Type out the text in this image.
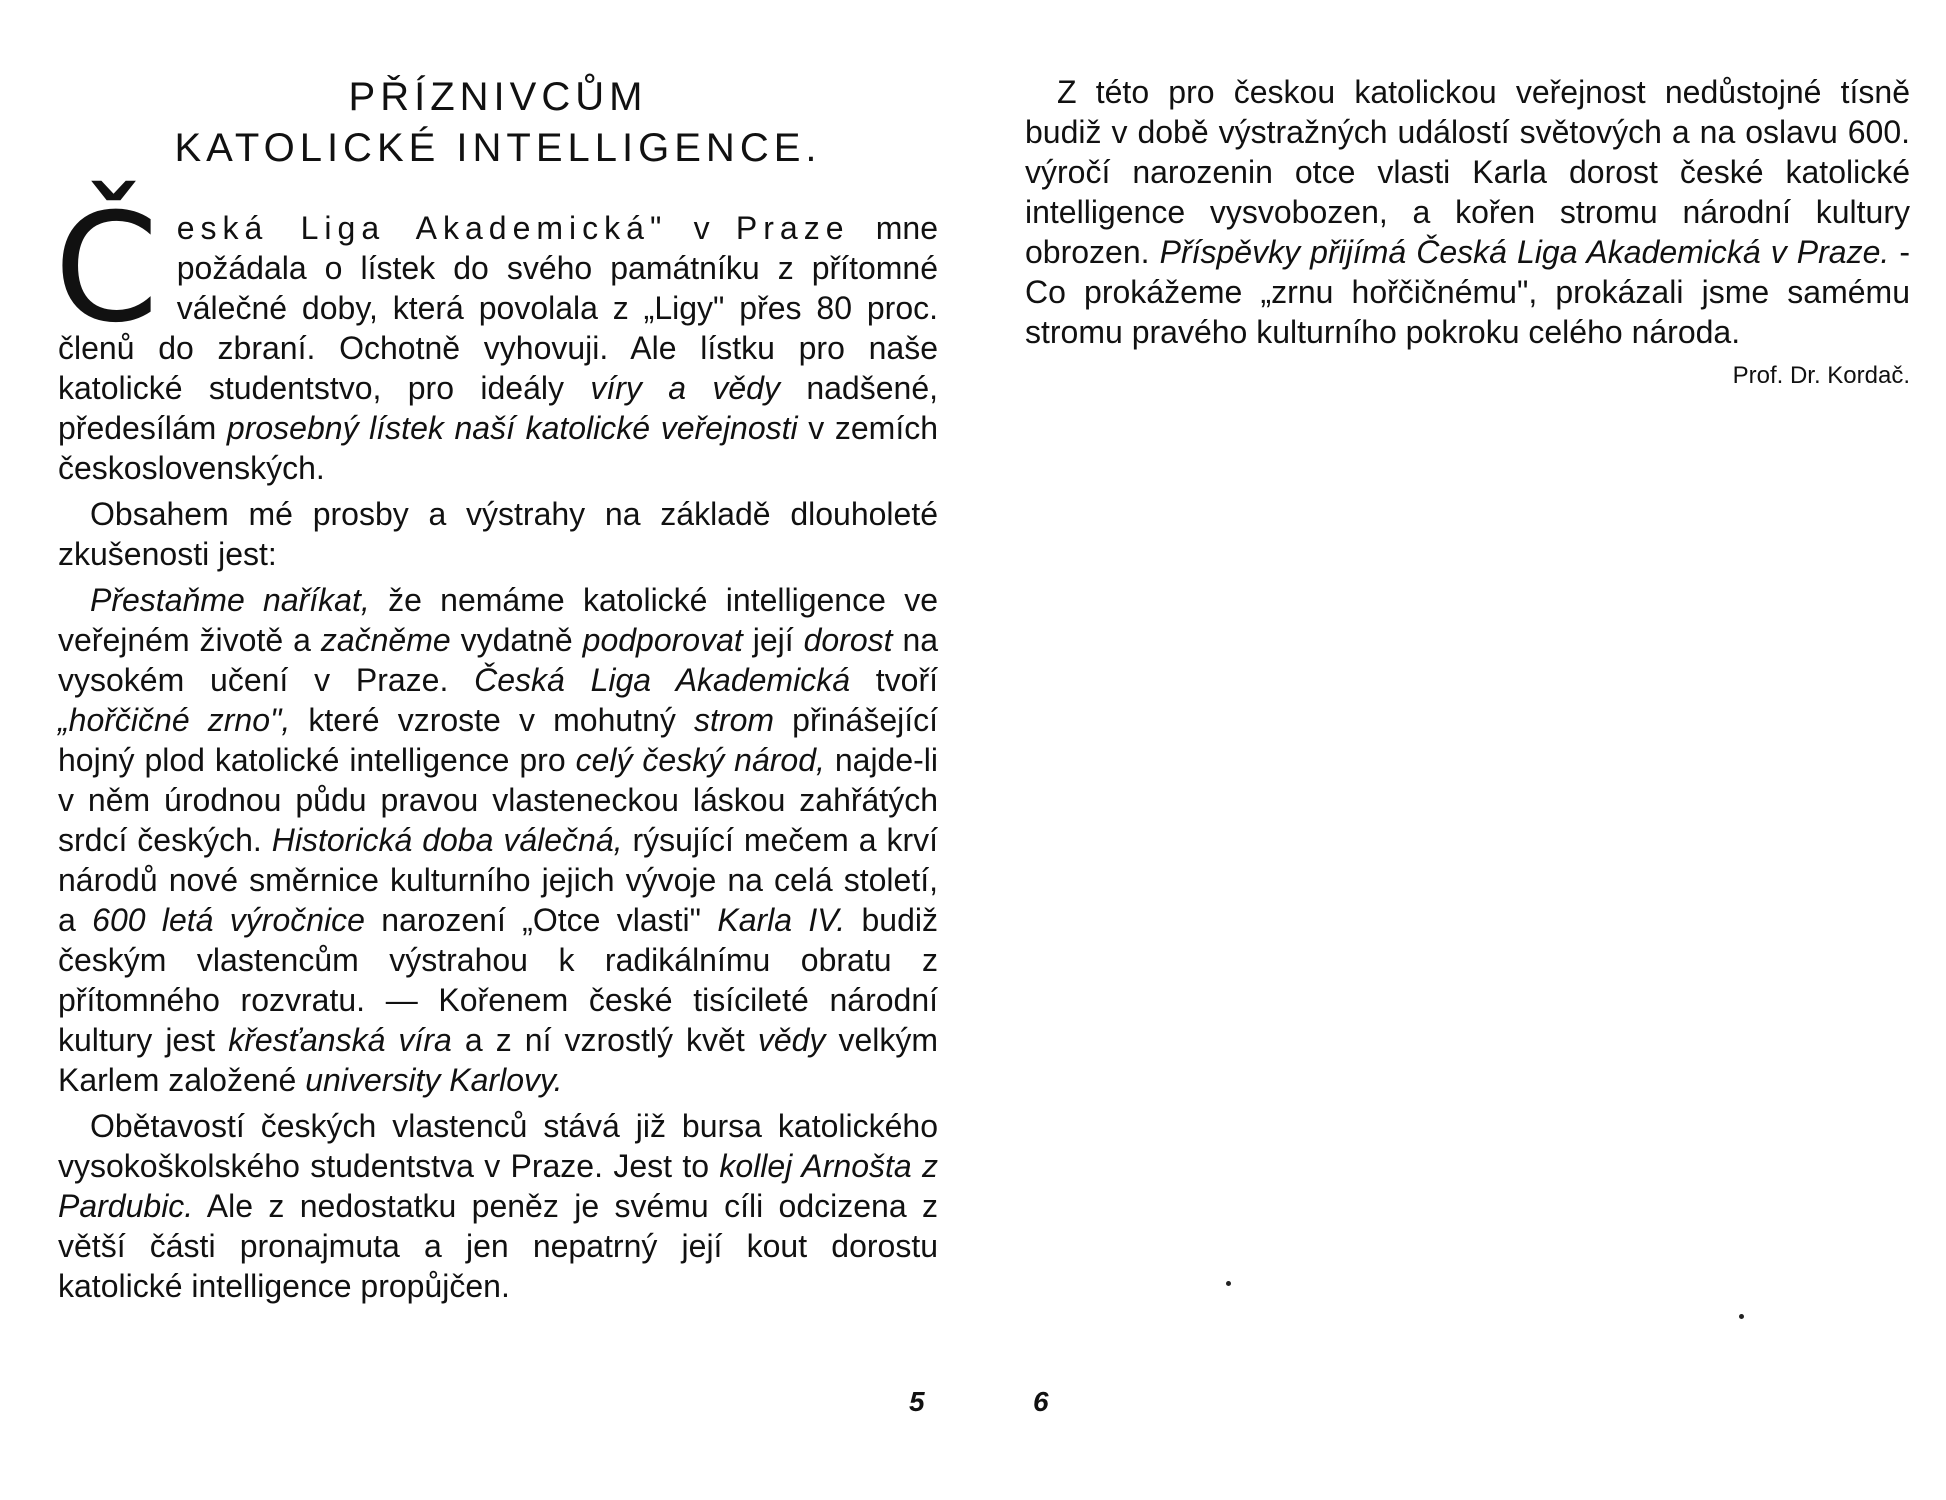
PŘÍZNIVCŮM
KATOLICKÉ INTELLIGENCE.

Česká Liga Akademická" v Praze mne požádala o lístek do svého památníku z přítomné válečné doby, která povolala z „Ligy" přes 80 proc. členů do zbraní. Ochotně vyhovuji. Ale lístku pro naše katolické studentstvo, pro ideály víry a vědy nadšené, předesílám prosebný lístek naší katolické veřejnosti v zemích československých.

Obsahem mé prosby a výstrahy na základě dlouholeté zkušenosti jest:

Přestaňme naříkat, že nemáme katolické intelligence ve veřejném životě a začněme vydatně podporovat její dorost na vysokém učení v Praze. Česká Liga Akademická tvoří „hořčičné zrno", které vzroste v mohutný strom přinášející hojný plod katolické intelligence pro celý český národ, najde-li v něm úrodnou půdu pravou vlasteneckou láskou zahřátých srdcí českých. Historická doba válečná, rýsující mečem a krví národů nové směrnice kulturního jejich vývoje na celá století, a 600 letá výročnice narození „Otce vlasti" Karla IV. budiž českým vlastencům výstrahou k radikálnímu obratu z přítomného rozvratu. — Kořenem české tisícileté národní kultury jest křesťanská víra a z ní vzrostlý květ vědy velkým Karlem založené university Karlovy.

Obětavostí českých vlastenců stává již bursa katolického vysokoškolského studentstva v Praze. Jest to kollej Arnošta z Pardubic. Ale z nedostatku peněz je svému cíli odcizena z větší části pronajmuta a jen nepatrný její kout dorostu katolické intelligence propůjčen.

Z této pro českou katolickou veřejnost nedůstojné tísně budiž v době výstražných událostí světových a na oslavu 600. výročí narozenin otce vlasti Karla dorost české katolické intelligence vysvobozen, a kořen stromu národní kultury obrozen. Příspěvky přijímá Česká Liga Akademická v Praze. - Co prokážeme „zrnu hořčičnému", prokázali jsme samému stromu pravého kulturního pokroku celého národa.

Prof. Dr. Kordač.
5	6
